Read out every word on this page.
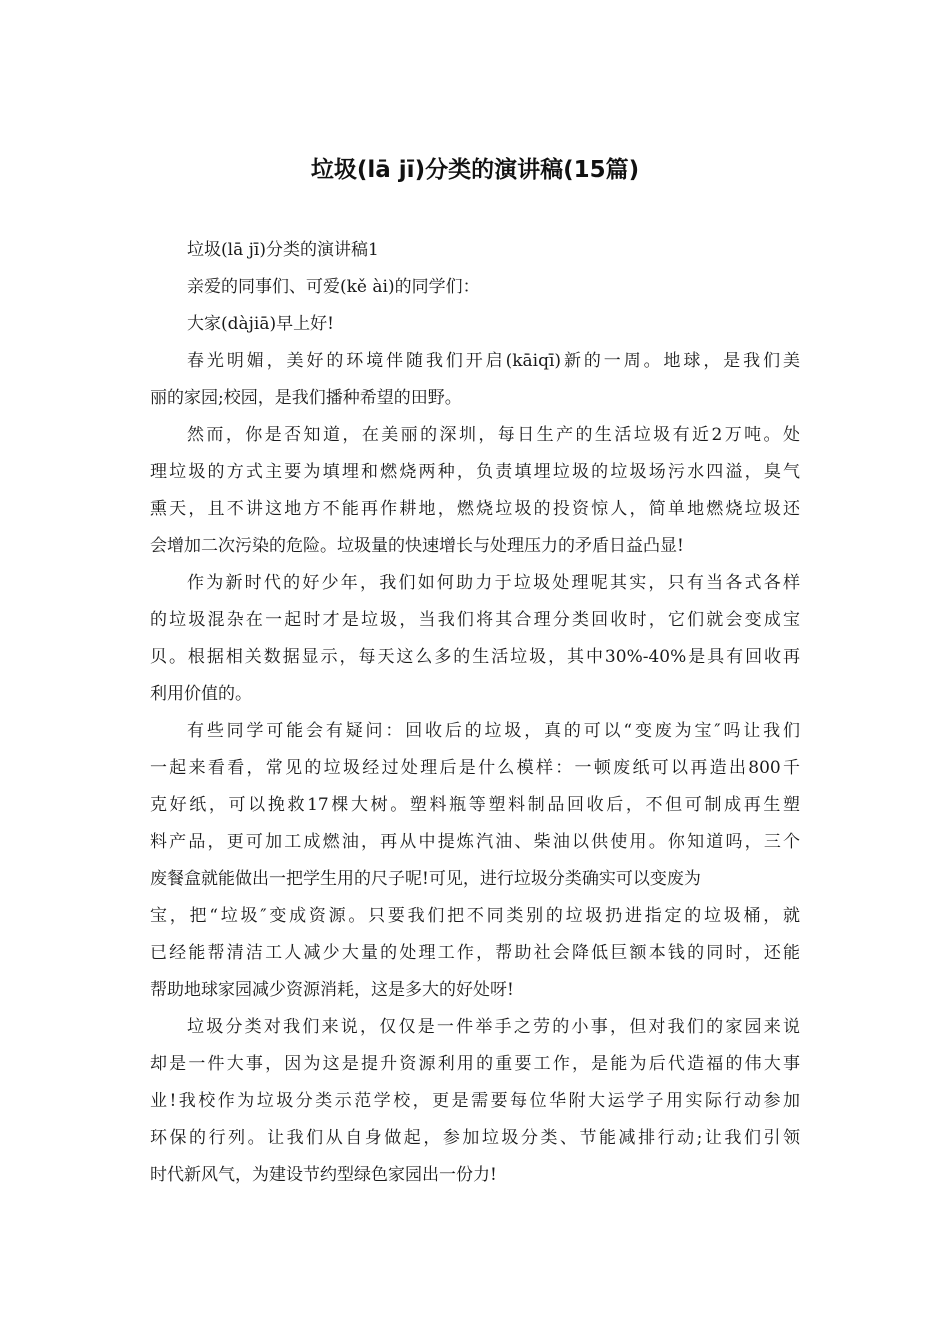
垃圾(lā jī)分类的演讲稿(15篇)
垃圾(lā jī)分类的演讲稿1
亲爱的同事们、可爱(kě ài)的同学们：
大家(dàjiā)早上好!
春光明媚，美好的环境伴随我们开启(kāiqī)新的一周。地球，是我们美
丽的家园;校园，是我们播种希望的田野。
然而，你是否知道，在美丽的深圳，每日生产的生活垃圾有近2万吨。处
理垃圾的方式主要为填埋和燃烧两种，负责填埋垃圾的垃圾场污水四溢，臭气
熏天，且不讲这地方不能再作耕地，燃烧垃圾的投资惊人，简单地燃烧垃圾还
会增加二次污染的危险。垃圾量的快速增长与处理压力的矛盾日益凸显!
作为新时代的好少年，我们如何助力于垃圾处理呢其实，只有当各式各样
的垃圾混杂在一起时才是垃圾，当我们将其合理分类回收时，它们就会变成宝
贝。根据相关数据显示，每天这么多的生活垃圾，其中30%-40%是具有回收再
利用价值的。
有些同学可能会有疑问：回收后的垃圾，真的可以“变废为宝″吗让我们
一起来看看，常见的垃圾经过处理后是什么模样：一顿废纸可以再造出800千
克好纸，可以挽救17棵大树。塑料瓶等塑料制品回收后，不但可制成再生塑
料产品，更可加工成燃油，再从中提炼汽油、柴油以供使用。你知道吗，三个
废餐盒就能做出一把学生用的尺子呢!可见，进行垃圾分类确实可以变废为
宝，把“垃圾″变成资源。只要我们把不同类别的垃圾扔进指定的垃圾桶，就
已经能帮清洁工人减少大量的处理工作，帮助社会降低巨额本钱的同时，还能
帮助地球家园减少资源消耗，这是多大的好处呀!
垃圾分类对我们来说，仅仅是一件举手之劳的小事，但对我们的家园来说
却是一件大事，因为这是提升资源利用的重要工作，是能为后代造福的伟大事
业!我校作为垃圾分类示范学校，更是需要每位华附大运学子用实际行动参加
环保的行列。让我们从自身做起，参加垃圾分类、节能减排行动;让我们引领
时代新风气，为建设节约型绿色家园出一份力!
